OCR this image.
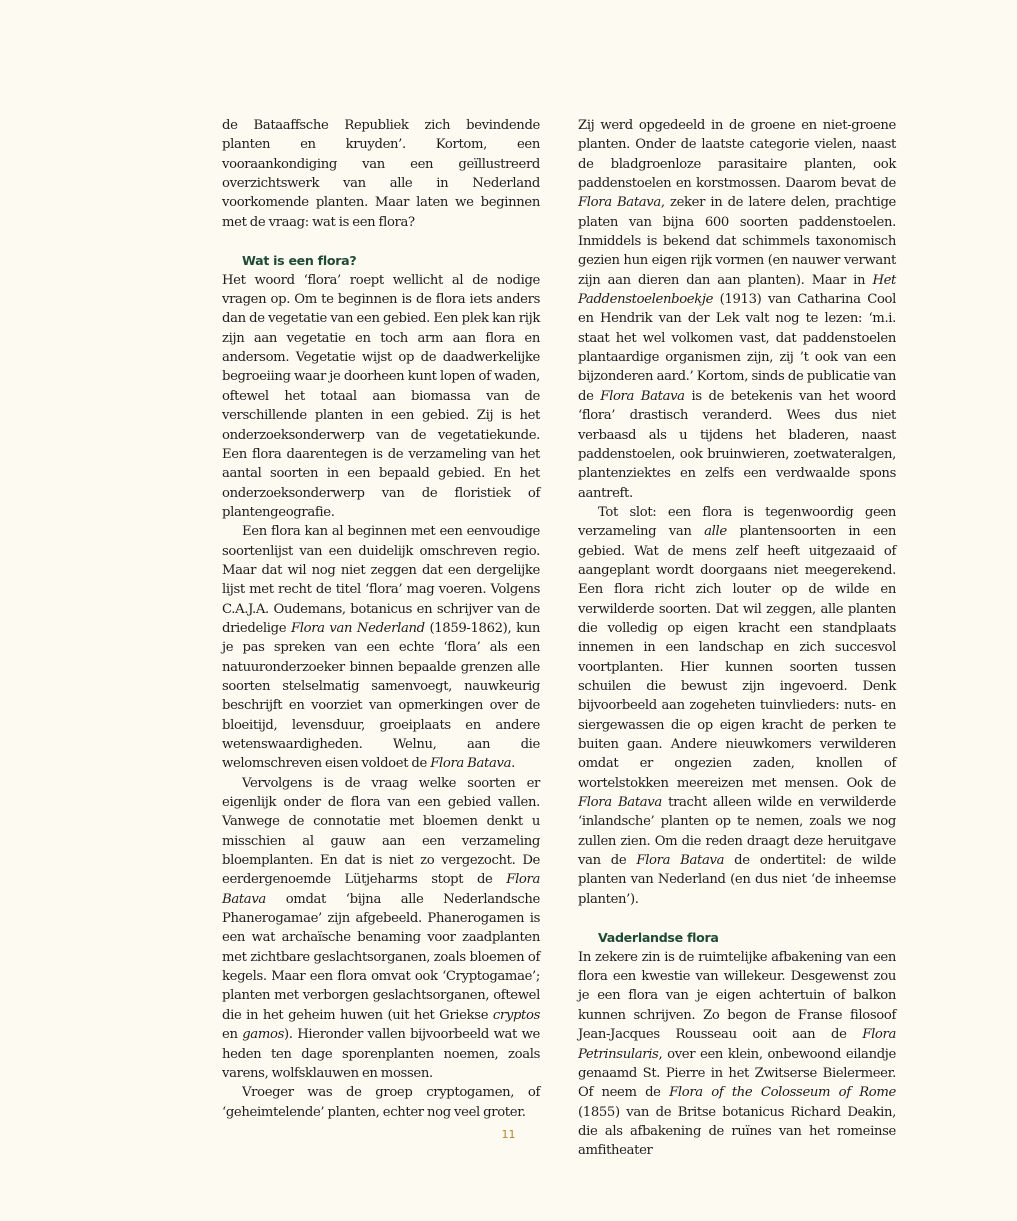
de Bataaffsche Republiek zich bevindende planten en kruyden’. Kortom, een vooraankondiging van een geïllustreerd overzichtswerk van alle in Nederland voorkomende planten. Maar laten we beginnen met de vraag: wat is een flora?

Wat is een flora?

Het woord ‘flora’ roept wellicht al de nodige vragen op. Om te beginnen is de flora iets anders dan de vegetatie van een gebied. Een plek kan rijk zijn aan vegetatie en toch arm aan flora en andersom. Vegetatie wijst op de daadwerkelijke begroeiing waar je doorheen kunt lopen of waden, oftewel het totaal aan biomassa van de verschillende planten in een gebied. Zij is het onderzoeksonderwerp van de vegetatiekunde. Een flora daarentegen is de verzameling van het aantal soorten in een bepaald gebied. En het onderzoeksonderwerp van de floristiek of plantengeografie.

Een flora kan al beginnen met een eenvoudige soortenlijst van een duidelijk omschreven regio. Maar dat wil nog niet zeggen dat een dergelijke lijst met recht de titel ‘flora’ mag voeren. Volgens C.A.J.A. Oudemans, botanicus en schrijver van de driedelige Flora van Nederland (1859-1862), kun je pas spreken van een echte ‘flora’ als een natuuronderzoeker binnen bepaalde grenzen alle soorten stelselmatig samenvoegt, nauwkeurig beschrijft en voorziet van opmerkingen over de bloeitijd, levensduur, groeiplaats en andere wetenswaardigheden. Welnu, aan die welomschreven eisen voldoet de Flora Batava.

Vervolgens is de vraag welke soorten er eigenlijk onder de flora van een gebied vallen. Vanwege de connotatie met bloemen denkt u misschien al gauw aan een verzameling bloemplanten. En dat is niet zo vergezocht. De eerdergenoemde Lütjeharms stopt de Flora Batava omdat ‘bijna alle Nederlandsche Phanerogamae’ zijn afgebeeld. Phanerogamen is een wat archaïsche benaming voor zaadplanten met zichtbare geslachtsorganen, zoals bloemen of kegels. Maar een flora omvat ook ‘Cryptogamae’; planten met verborgen geslachtsorganen, oftewel die in het geheim huwen (uit het Griekse cryptos en gamos). Hieronder vallen bijvoorbeeld wat we heden ten dage sporenplanten noemen, zoals varens, wolfsklauwen en mossen.

Vroeger was de groep cryptogamen, of ‘geheimtelende’ planten, echter nog veel groter.

Zij werd opgedeeld in de groene en niet-groene planten. Onder de laatste categorie vielen, naast de bladgroenloze parasitaire planten, ook paddenstoelen en korstmossen. Daarom bevat de Flora Batava, zeker in de latere delen, prachtige platen van bijna 600 soorten paddenstoelen. Inmiddels is bekend dat schimmels taxonomisch gezien hun eigen rijk vormen (en nauwer verwant zijn aan dieren dan aan planten). Maar in Het Paddenstoelenboekje (1913) van Catharina Cool en Hendrik van der Lek valt nog te lezen: ‘m.i. staat het wel volkomen vast, dat paddenstoelen plantaardige organismen zijn, zij ’t ook van een bijzonderen aard.’ Kortom, sinds de publicatie van de Flora Batava is de betekenis van het woord ‘flora’ drastisch veranderd. Wees dus niet verbaasd als u tijdens het bladeren, naast paddenstoelen, ook bruinwieren, zoetwateralgen, plantenziektes en zelfs een verdwaalde spons aantreft.

Tot slot: een flora is tegenwoordig geen verzameling van alle plantensoorten in een gebied. Wat de mens zelf heeft uitgezaaid of aangeplant wordt doorgaans niet meegerekend. Een flora richt zich louter op de wilde en verwilderde soorten. Dat wil zeggen, alle planten die volledig op eigen kracht een standplaats innemen in een landschap en zich succesvol voortplanten. Hier kunnen soorten tussen schuilen die bewust zijn ingevoerd. Denk bijvoorbeeld aan zogeheten tuinvlieders: nuts- en siergewassen die op eigen kracht de perken te buiten gaan. Andere nieuwkomers verwilderen omdat er ongezien zaden, knollen of wortelstokken meereizen met mensen. Ook de Flora Batava tracht alleen wilde en verwilderde ‘inlandsche’ planten op te nemen, zoals we nog zullen zien. Om die reden draagt deze heruitgave van de Flora Batava de ondertitel: de wilde planten van Nederland (en dus niet ‘de inheemse planten’).

Vaderlandse flora

In zekere zin is de ruimtelijke afbakening van een flora een kwestie van willekeur. Desgewenst zou je een flora van je eigen achtertuin of balkon kunnen schrijven. Zo begon de Franse filosoof Jean-Jacques Rousseau ooit aan de Flora Petrinsularis, over een klein, onbewoond eilandje genaamd St. Pierre in het Zwitserse Bielermeer. Of neem de Flora of the Colosseum of Rome (1855) van de Britse botanicus Richard Deakin, die als afbakening de ruïnes van het romeinse amfitheater

11
